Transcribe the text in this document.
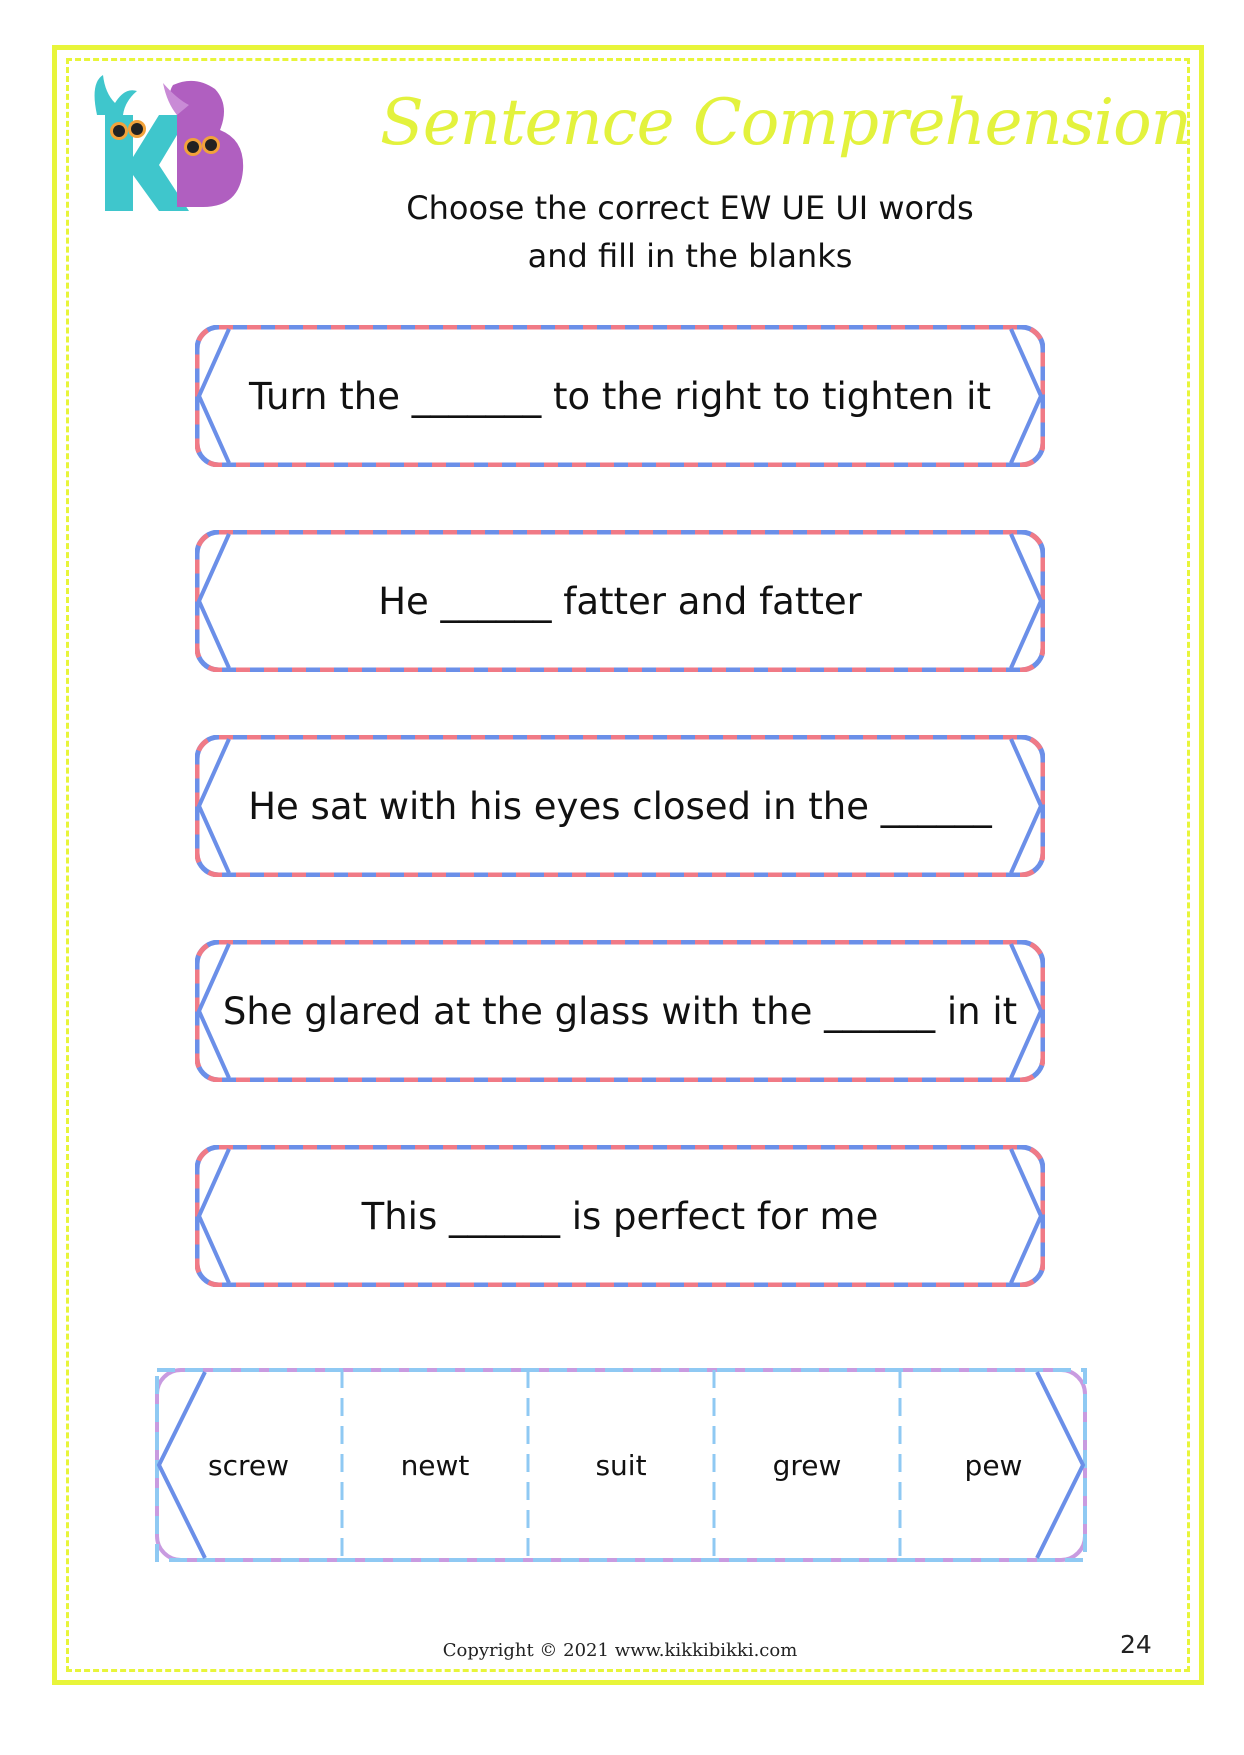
Sentence Comprehension
Choose the correct EW UE UI words
and fill in the blanks
Turn the _______ to the right to tighten it
He ______ fatter and fatter
He sat with his eyes closed in the ______
She glared at the glass with the ______ in it
This ______ is perfect for me
screw	newt	suit	grew	pew
Copyright © 2021 www.kikkibikki.com	24
